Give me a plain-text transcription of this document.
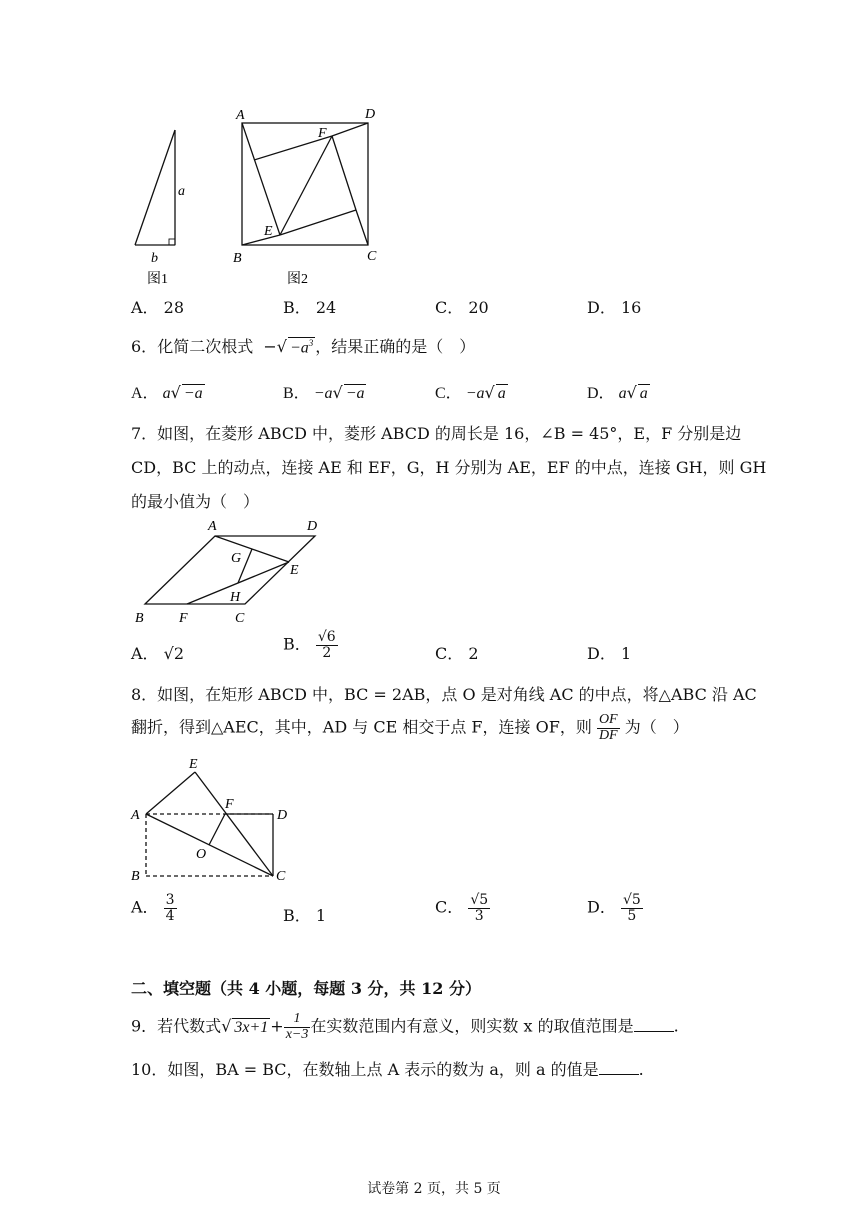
a
b
图1
A	D
F
E
B	C
图2
A． 28	B． 24	C． 20	D． 16
6．化简二次根式 −√ $-a^3$ ，结果正确的是（　）
A． a√ −a	B． −a√ −a	C． −a√ a	D． a√ a
7．如图，在菱形 ABCD 中，菱形 ABCD 的周长是 16，∠B = 45°，E，F 分别是边
CD，BC 上的动点，连接 AE 和 EF，G，H 分别为 AE，EF 的中点，连接 GH，则 GH
的最小值为（　）
A	D
G
E
H
B	F	C
A． √2	B． $\frac{√6}{2}$	C． 2	D． 1
8．如图，在矩形 ABCD 中，BC = 2AB，点 O 是对角线 AC 的中点，将△ABC 沿 AC
翻折，得到△AEC，其中，AD 与 CE 相交于点 F，连接 OF，则 $\frac{OF}{DF}$ 为（　）
E
A
F
D
O
B	C
A． $\frac{3}{4}$	B． 1	C． $\frac{√5}{3}$	D． $\frac{√5}{5}$
二、填空题（共 4 小题，每题 3 分，共 12 分）
9．若代数式√ $3x+1 + \frac{1}{x-3}$ 在实数范围内有意义，则实数 x 的取值范围是	.
10．如图，BA = BC，在数轴上点 A 表示的数为 a，则 a 的值是	.
试卷第 2 页，共 5 页
